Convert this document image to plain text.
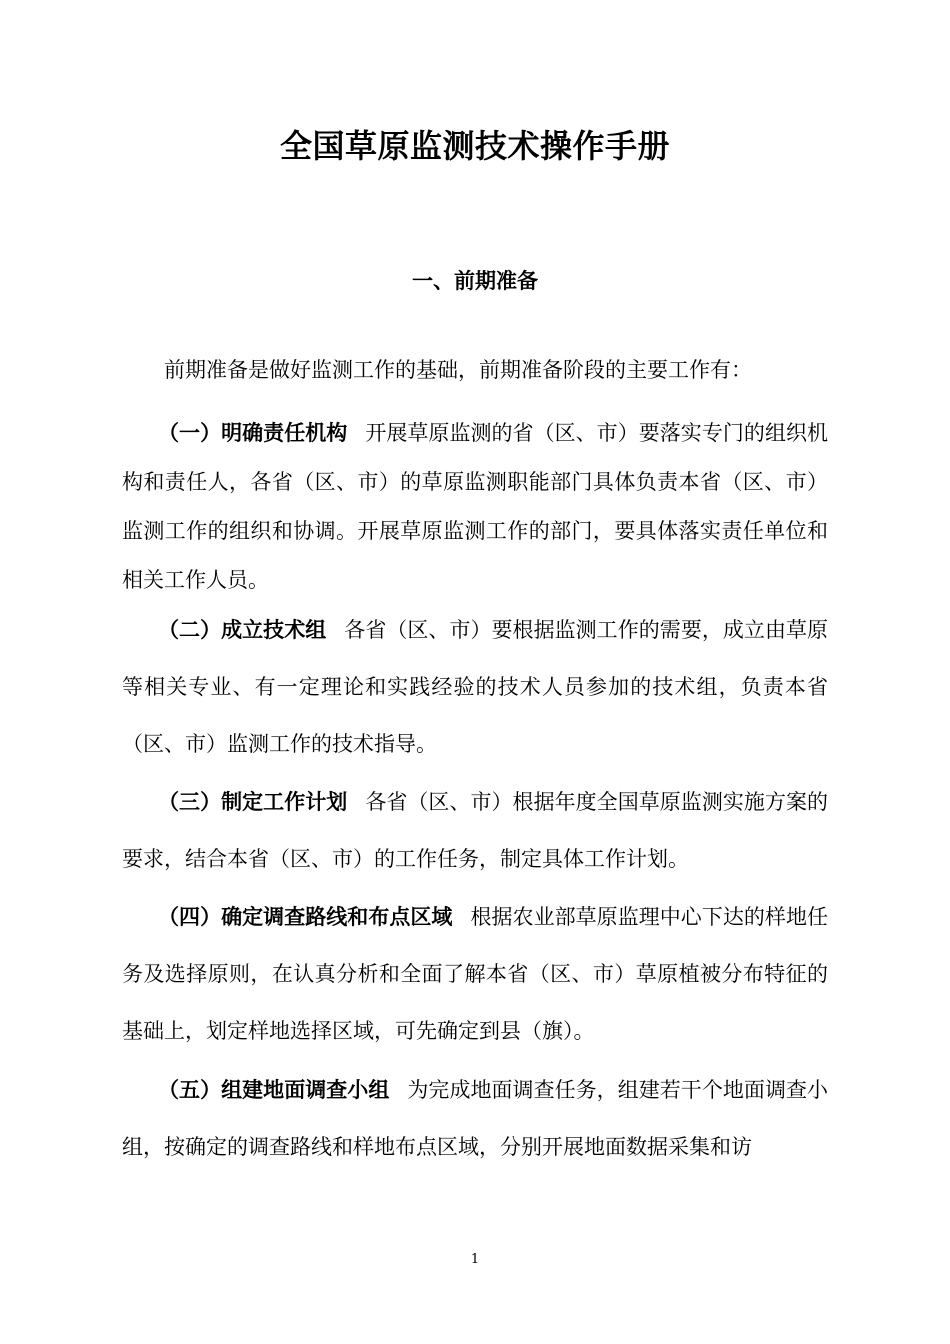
全国草原监测技术操作手册
一、前期准备
前期准备是做好监测工作的基础，前期准备阶段的主要工作有：
（一）明确责任机构 开展草原监测的省（区、市）要落实专门的组织机构和责任人，各省（区、市）的草原监测职能部门具体负责本省（区、市）监测工作的组织和协调。开展草原监测工作的部门，要具体落实责任单位和相关工作人员。
（二）成立技术组 各省（区、市）要根据监测工作的需要，成立由草原等相关专业、有一定理论和实践经验的技术人员参加的技术组，负责本省（区、市）监测工作的技术指导。
（三）制定工作计划 各省（区、市）根据年度全国草原监测实施方案的要求，结合本省（区、市）的工作任务，制定具体工作计划。
（四）确定调查路线和布点区域 根据农业部草原监理中心下达的样地任务及选择原则，在认真分析和全面了解本省（区、市）草原植被分布特征的基础上，划定样地选择区域，可先确定到县（旗）。
（五）组建地面调查小组 为完成地面调查任务，组建若干个地面调查小组，按确定的调查路线和样地布点区域，分别开展地面数据采集和访
1
